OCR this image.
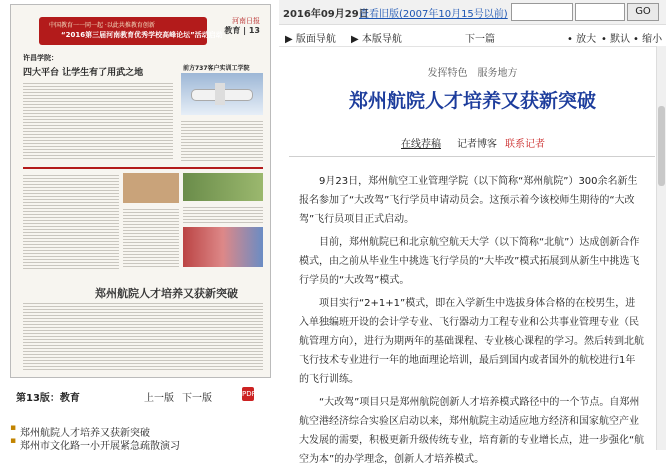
中国教育一一同一起 ·以此共推教育创新
“2016第三届河南教育优秀学校高峰论坛”活动启动
河南日报
教育 | 13
许昌学院：
四大平台 让学生有了用武之地	前方737客户实训工学院
郑州航院人才培养又获新突破
第13版：教育	上一版 下一版	PDF
▪ 郑州航院人才培养又获新突破
▪ 郑州市文化路一小开展紧急疏散演习
2016年09月29日
查看旧版(2007年10月15号以前)	GO
▶ 版面导航 ▶ 本版导航	下一篇	• 放大 • 默认 • 缩小
发挥特色　服务地方
郑州航院人才培养又获新突破
在线荐稿 记者博客 联系记者

9月23日，郑州航空工业管理学院（以下简称“郑州航院”）300余名新生报名参加了“大改驾”飞行学员申请动员会。这预示着今该校师生期待的“大改驾”飞行员项目正式启动。

目前，郑州航院已和北京航空航天大学（以下简称“北航”）达成创新合作模式，由之前从毕业生中挑选飞行学员的“大毕改”模式拓展到从新生中挑选飞行学员的“大改驾”模式。

项目实行“2+1+1”模式，即在入学新生中选拔身体合格的在校男生，进入单独编班开设的会计学专业、飞行器动力工程专业和公共事业管理专业（民航管理方向），进行为期两年的基础课程、专业核心课程的学习。然后转到北航飞行技术专业进行一年的地面理论培训，最后到国内或者国外的航校进行1年的飞行训练。

“大改驾”项目只是郑州航院创新人才培养模式路径中的一个节点。自郑州航空港经济综合实验区启动以来，郑州航院主动适应地方经济和国家航空产业大发展的需要，积极更新升级传统专业，培育新的专业增长点，进一步强化“航空为本”的办学理念，创新人才培养模式。
